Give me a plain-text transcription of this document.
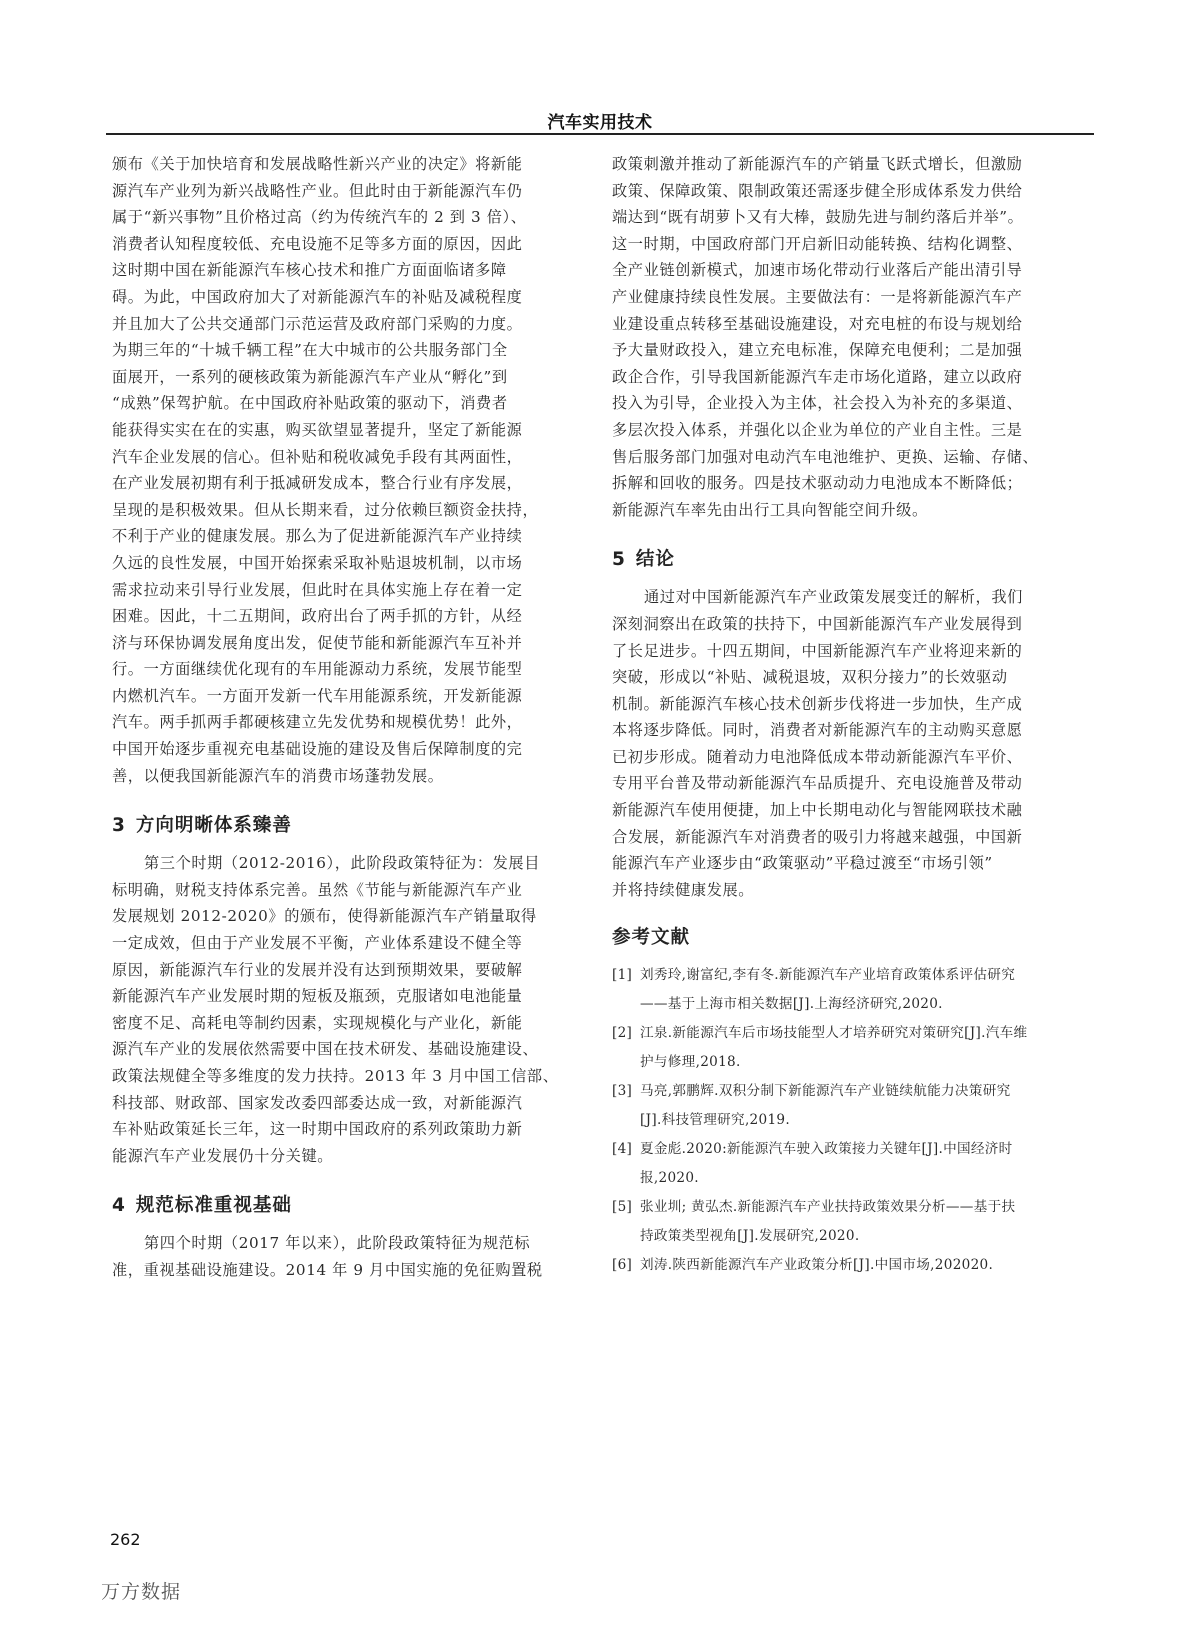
汽车实用技术
颁布《关于加快培育和发展战略性新兴产业的决定》将新能
源汽车产业列为新兴战略性产业。但此时由于新能源汽车仍
属于“新兴事物”且价格过高（约为传统汽车的 2 到 3 倍）、
消费者认知程度较低、充电设施不足等多方面的原因，因此
这时期中国在新能源汽车核心技术和推广方面面临诸多障
碍。为此，中国政府加大了对新能源汽车的补贴及减税程度
并且加大了公共交通部门示范运营及政府部门采购的力度。
为期三年的“十城千辆工程”在大中城市的公共服务部门全
面展开，一系列的硬核政策为新能源汽车产业从“孵化”到
“成熟”保驾护航。在中国政府补贴政策的驱动下，消费者
能获得实实在在的实惠，购买欲望显著提升，坚定了新能源
汽车企业发展的信心。但补贴和税收减免手段有其两面性，
在产业发展初期有利于抵减研发成本，整合行业有序发展，
呈现的是积极效果。但从长期来看，过分依赖巨额资金扶持，
不利于产业的健康发展。那么为了促进新能源汽车产业持续
久远的良性发展，中国开始探索采取补贴退坡机制，以市场
需求拉动来引导行业发展，但此时在具体实施上存在着一定
困难。因此，十二五期间，政府出台了两手抓的方针，从经
济与环保协调发展角度出发，促使节能和新能源汽车互补并
行。一方面继续优化现有的车用能源动力系统，发展节能型
内燃机汽车。一方面开发新一代车用能源系统，开发新能源
汽车。两手抓两手都硬核建立先发优势和规模优势！此外，
中国开始逐步重视充电基础设施的建设及售后保障制度的完
善，以便我国新能源汽车的消费市场蓬勃发展。
3 方向明晰体系臻善
第三个时期（2012-2016），此阶段政策特征为：发展目
标明确，财税支持体系完善。虽然《节能与新能源汽车产业
发展规划 2012-2020》的颁布，使得新能源汽车产销量取得
一定成效，但由于产业发展不平衡，产业体系建设不健全等
原因，新能源汽车行业的发展并没有达到预期效果，要破解
新能源汽车产业发展时期的短板及瓶颈，克服诸如电池能量
密度不足、高耗电等制约因素，实现规模化与产业化，新能
源汽车产业的发展依然需要中国在技术研发、基础设施建设、
政策法规健全等多维度的发力扶持。2013 年 3 月中国工信部、
科技部、财政部、国家发改委四部委达成一致，对新能源汽
车补贴政策延长三年，这一时期中国政府的系列政策助力新
能源汽车产业发展仍十分关键。
4 规范标准重视基础
第四个时期（2017 年以来），此阶段政策特征为规范标
准，重视基础设施建设。2014 年 9 月中国实施的免征购置税
政策刺激并推动了新能源汽车的产销量飞跃式增长，但激励
政策、保障政策、限制政策还需逐步健全形成体系发力供给
端达到“既有胡萝卜又有大棒，鼓励先进与制约落后并举”。
这一时期，中国政府部门开启新旧动能转换、结构化调整、
全产业链创新模式，加速市场化带动行业落后产能出清引导
产业健康持续良性发展。主要做法有：一是将新能源汽车产
业建设重点转移至基础设施建设，对充电桩的布设与规划给
予大量财政投入，建立充电标准，保障充电便利；二是加强
政企合作，引导我国新能源汽车走市场化道路，建立以政府
投入为引导，企业投入为主体，社会投入为补充的多渠道、
多层次投入体系，并强化以企业为单位的产业自主性。三是
售后服务部门加强对电动汽车电池维护、更换、运输、存储、
拆解和回收的服务。四是技术驱动动力电池成本不断降低；
新能源汽车率先由出行工具向智能空间升级。
5 结论
通过对中国新能源汽车产业政策发展变迁的解析，我们
深刻洞察出在政策的扶持下，中国新能源汽车产业发展得到
了长足进步。十四五期间，中国新能源汽车产业将迎来新的
突破，形成以“补贴、减税退坡，双积分接力”的长效驱动
机制。新能源汽车核心技术创新步伐将进一步加快，生产成
本将逐步降低。同时，消费者对新能源汽车的主动购买意愿
已初步形成。随着动力电池降低成本带动新能源汽车平价、
专用平台普及带动新能源汽车品质提升、充电设施普及带动
新能源汽车使用便捷，加上中长期电动化与智能网联技术融
合发展，新能源汽车对消费者的吸引力将越来越强，中国新
能源汽车产业逐步由“政策驱动”平稳过渡至“市场引领”
并将持续健康发展。
参考文献
[1] 刘秀玲,谢富纪,李有冬.新能源汽车产业培育政策体系评估研究
——基于上海市相关数据[J].上海经济研究,2020.
[2] 江泉.新能源汽车后市场技能型人才培养研究对策研究[J].汽车维
护与修理,2018.
[3] 马亮,郭鹏辉.双积分制下新能源汽车产业链续航能力决策研究
[J].科技管理研究,2019.
[4] 夏金彪.2020:新能源汽车驶入政策接力关键年[J].中国经济时
报,2020.
[5] 张业圳; 黄弘杰.新能源汽车产业扶持政策效果分析——基于扶
持政策类型视角[J].发展研究,2020.
[6] 刘涛.陕西新能源汽车产业政策分析[J].中国市场,202020.
262
万方数据
